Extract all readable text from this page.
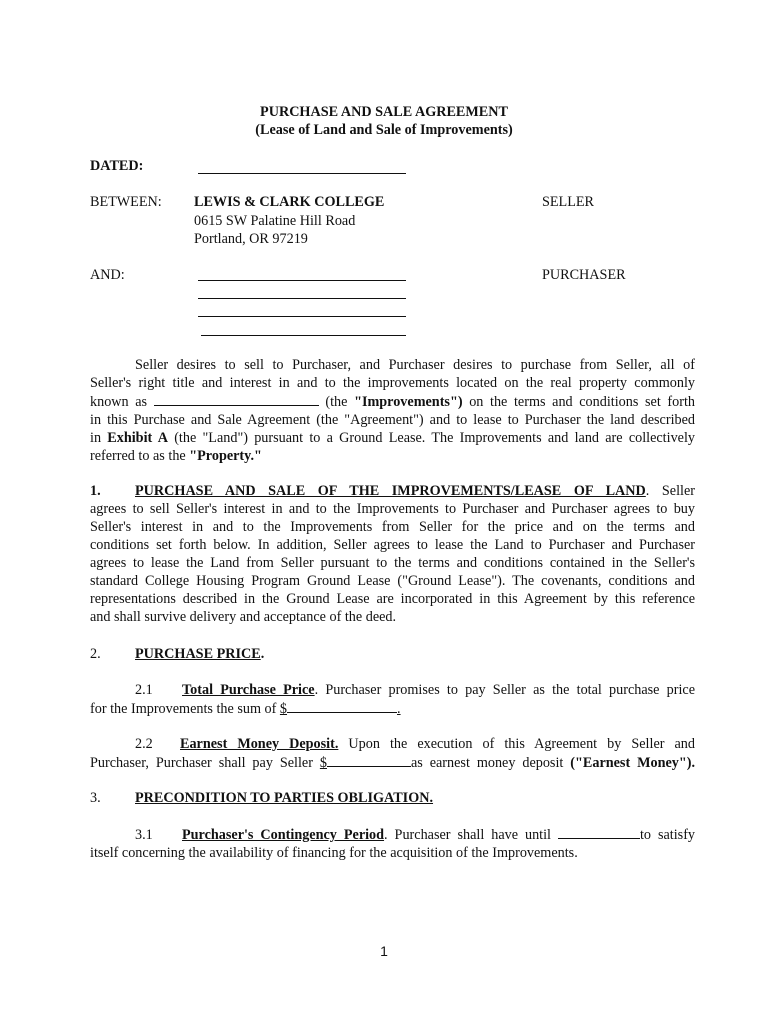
PURCHASE AND SALE AGREEMENT
(Lease of Land and Sale of Improvements)
DATED:
BETWEEN: LEWIS & CLARK COLLEGE
0615 SW Palatine Hill Road
Portland, OR 97219
SELLER
AND:	PURCHASER
Seller desires to sell to Purchaser, and Purchaser desires to purchase from Seller, all of
Seller's right title and interest in and to the improvements located on the real property commonly
known as	(the "Improvements") on the terms and conditions set forth
in this Purchase and Sale Agreement (the "Agreement") and to lease to Purchaser the land described
in Exhibit A (the "Land") pursuant to a Ground Lease. The Improvements and land are collectively
referred to as the "Property."
1. PURCHASE AND SALE OF THE IMPROVEMENTS/LEASE OF LAND. Seller
agrees to sell Seller's interest in and to the Improvements to Purchaser and Purchaser agrees to buy
Seller's interest in and to the Improvements from Seller for the price and on the terms and
conditions set forth below. In addition, Seller agrees to lease the Land to Purchaser and Purchaser
agrees to lease the Land from Seller pursuant to the terms and conditions contained in the Seller's
standard College Housing Program Ground Lease ("Ground Lease"). The covenants, conditions and
representations described in the Ground Lease are incorporated in this Agreement by this reference
and shall survive delivery and acceptance of the deed.
2. PURCHASE PRICE.
2.1 Total Purchase Price. Purchaser promises to pay Seller as the total purchase price
for the Improvements the sum of $	.
2.2 Earnest Money Deposit. Upon the execution of this Agreement by Seller and
Purchaser, Purchaser shall pay Seller $	as earnest money deposit ("Earnest Money").
3. PRECONDITION TO PARTIES OBLIGATION.
3.1 Purchaser's Contingency Period. Purchaser shall have until	to satisfy
itself concerning the availability of financing for the acquisition of the Improvements.
1
